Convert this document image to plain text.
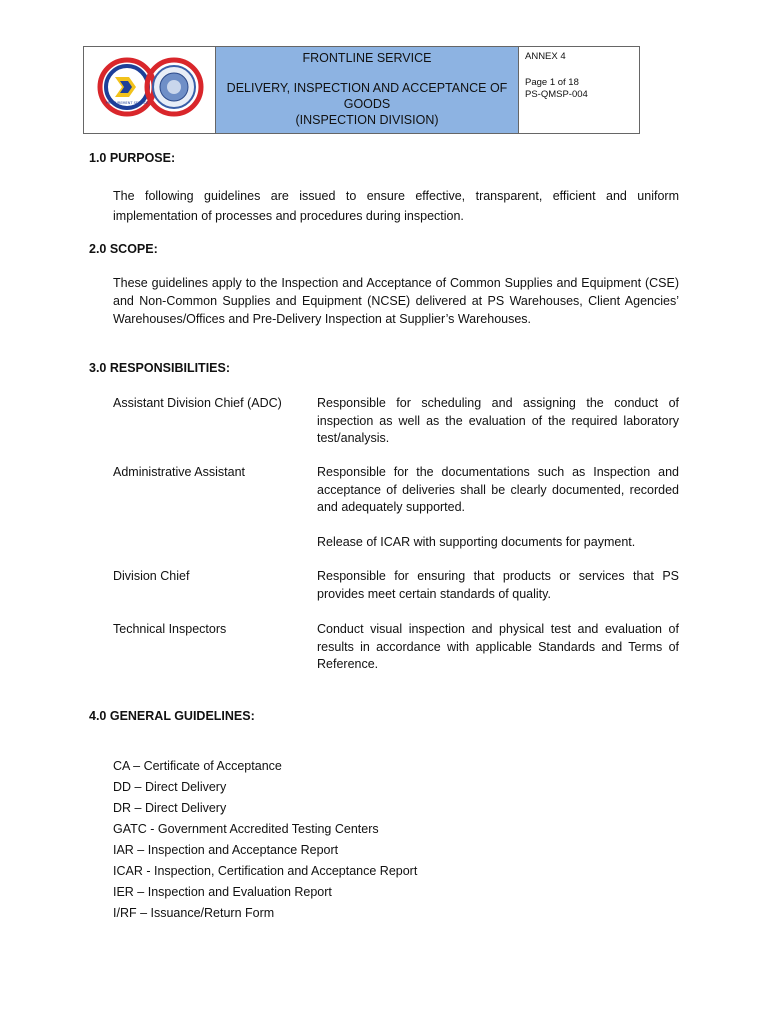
PROCUREMENT SERVICE
FRONTLINE SERVICE
DELIVERY, INSPECTION AND ACCEPTANCE OF
GOODS
(INSPECTION DIVISION)
ANNEX 4
Page 1 of 18
PS-QMSP-004
1.0 PURPOSE:
The following guidelines are issued to ensure effective, transparent, efficient and uniform implementation of processes and procedures during inspection.
2.0 SCOPE:
These guidelines apply to the Inspection and Acceptance of Common Supplies and Equipment (CSE) and Non-Common Supplies and Equipment (NCSE) delivered at PS Warehouses, Client Agencies’ Warehouses/Offices and Pre-Delivery Inspection at Supplier’s Warehouses.
3.0 RESPONSIBILITIES:
Assistant Division Chief (ADC)	Responsible for scheduling and assigning the conduct of inspection as well as the evaluation of the required laboratory test/analysis.
Administrative Assistant	Responsible for the documentations such as Inspection and acceptance of deliveries shall be clearly documented, recorded and adequately supported.
Release of ICAR with supporting documents for payment.
Division Chief	Responsible for ensuring that products or services that PS provides meet certain standards of quality.
Technical Inspectors	Conduct visual inspection and physical test and evaluation of results in accordance with applicable Standards and Terms of Reference.
4.0 GENERAL GUIDELINES:
CA – Certificate of Acceptance
DD – Direct Delivery
DR – Direct Delivery
GATC - Government Accredited Testing Centers
IAR – Inspection and Acceptance Report
ICAR - Inspection, Certification and Acceptance Report
IER – Inspection and Evaluation Report
I/RF – Issuance/Return Form
